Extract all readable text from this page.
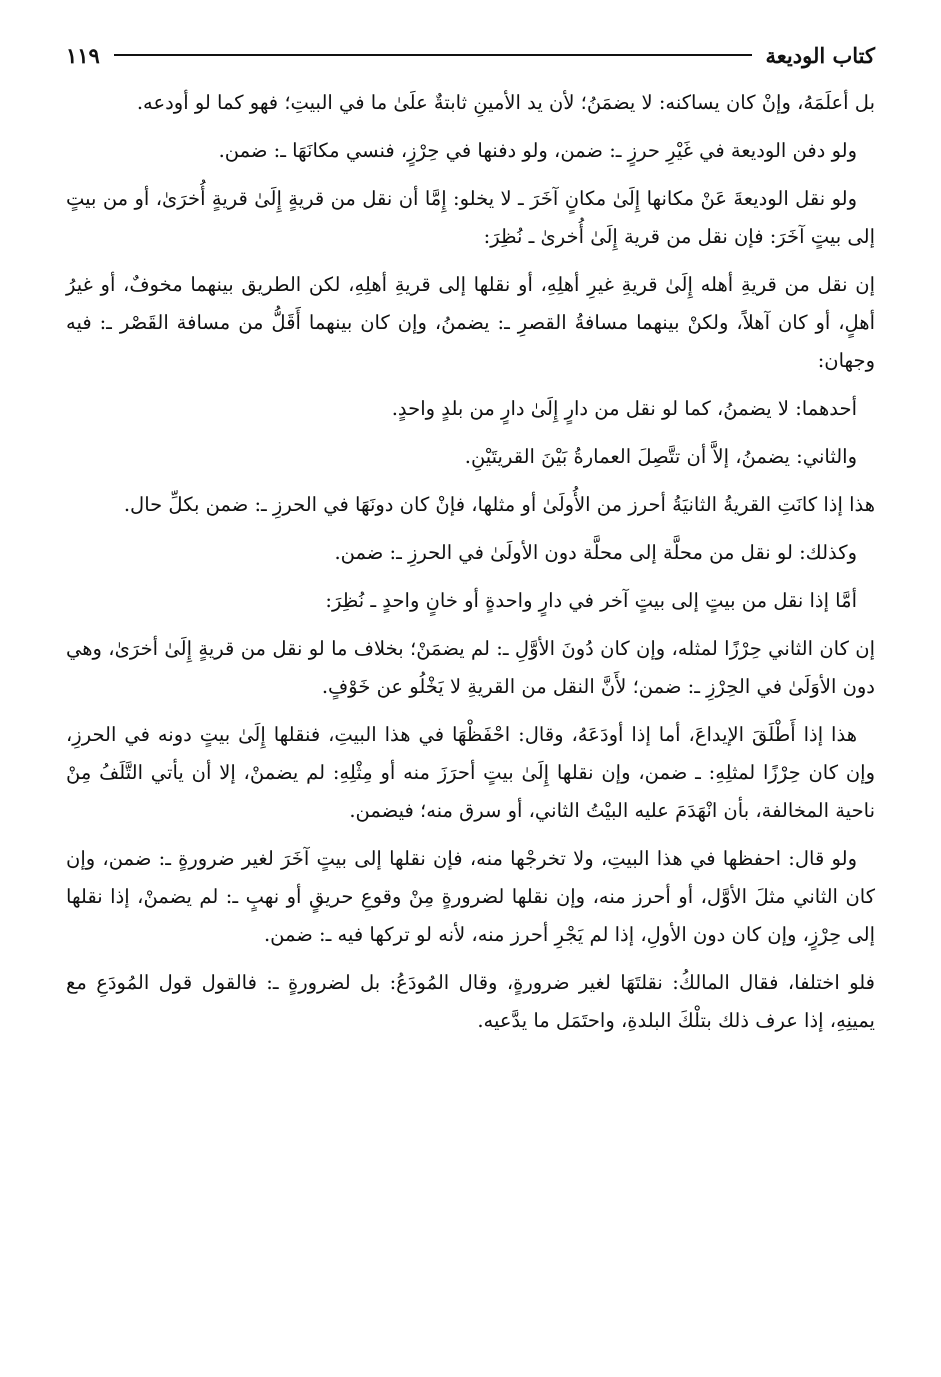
كتاب الوديعة
١١٩

بل أعلَمَهُ، وإنْ كان يساكنه: لا يضمَنُ؛ لأن يد الأمينِ ثابتةٌ علَىٰ ما في البيتِ؛ فهو كما لو أودعه.

ولو دفن الوديعة في غَيْرِ حرزٍ ـ: ضمن، ولو دفنها في حِرْزٍ، فنسي مكانَهَا ـ: ضمن.

ولو نقل الوديعةَ عَنْ مكانها إِلَىٰ مكانٍ آخَرَ ـ لا يخلو: إِمَّا أن نقل من قريةٍ إِلَىٰ قريةٍ أُخرَىٰ، أو من بيتٍ إلى بيتٍ آخَرَ: فإن نقل من قرية إِلَىٰ أُخرىٰ ـ نُظِرَ:

إن نقل من قريةِ أهله إِلَىٰ قريةِ غيرِ أهلِهِ، أو نقلها إلى قريةِ أهلِهِ، لكن الطريق بينهما مخوفٌ، أو غيرُ أهلٍ، أو كان آهلاً، ولكنْ بينهما مسافةُ القصرِ ـ: يضمنُ، وإن كان بينهما أَقَلُّ من مسافة القَصْر ـ: فيه وجهان:

أحدهما: لا يضمنُ، كما لو نقل من دارٍ إِلَىٰ دارٍ من بلدٍ واحدٍ.

والثاني: يضمنُ، إلاَّ أن تتَّصِلَ العمارةُ بَيْنَ القريتَيْنِ.

هذا إذا كانَتِ القريةُ الثانيَةُ أحرز من الأُولَىٰ أو مثلها، فإنْ كان دونَهَا في الحرزِ ـ: ضمن بكلِّ حال.

وكذلك: لو نقل من محلَّة إلى محلَّة دون الأولَىٰ في الحرزِ ـ: ضمن.

أمَّا إذا نقل من بيتٍ إلى بيتٍ آخر في دارٍ واحدةٍ أو خانٍ واحدٍ ـ نُظِرَ:

إن كان الثاني حِرْزًا لمثله، وإن كان دُونَ الأوَّلِ ـ: لم يضمَنْ؛ بخلاف ما لو نقل من قريةٍ إِلَىٰ أخرَىٰ، وهي دون الأوَلَىٰ في الحِرْزِ ـ: ضمن؛ لأَنَّ النقل من القريةِ لا يَخْلُو عن خَوْفٍ.

هذا إذا أَطْلَقَ الإيداعَ، أما إذا أودَعَهُ، وقال: احْفَظْهَا في هذا البيتِ، فنقلها إِلَىٰ بيتٍ دونه في الحرزِ، وإن كان حِرْزًا لمثلِهِ: ـ ضمن، وإن نقلها إِلَىٰ بيتٍ أحرَزَ منه أو مِثْلِهِ: لم يضمنْ، إلا أن يأتي التَّلَفُ مِنْ ناحية المخالفة، بأن انْهَدَمَ عليه البيْتُ الثاني، أو سرق منه؛ فيضمن.

ولو قال: احفظها في هذا البيتِ، ولا تخرجْها منه، فإن نقلها إلى بيتٍ آخَرَ لغير ضرورةٍ ـ: ضمن، وإن كان الثاني مثلَ الأوَّل، أو أحرز منه، وإن نقلها لضرورةٍ مِنْ وقوعِ حريقٍ أو نهبٍ ـ: لم يضمنْ، إذا نقلها إلى حِرْزٍ، وإن كان دون الأولِ، إذا لم يَجْرِ أحرز منه، لأنه لو تركها فيه ـ: ضمن.

فلو اختلفا، فقال المالكُ: نقلتَهَا لغير ضرورةٍ، وقال المُودَعُ: بل لضرورةٍ ـ: فالقول قول المُودَعِ مع يمينِهِ، إذا عرف ذلك بتلْكَ البلدةِ، واحتَمَل ما يدَّعيه.
